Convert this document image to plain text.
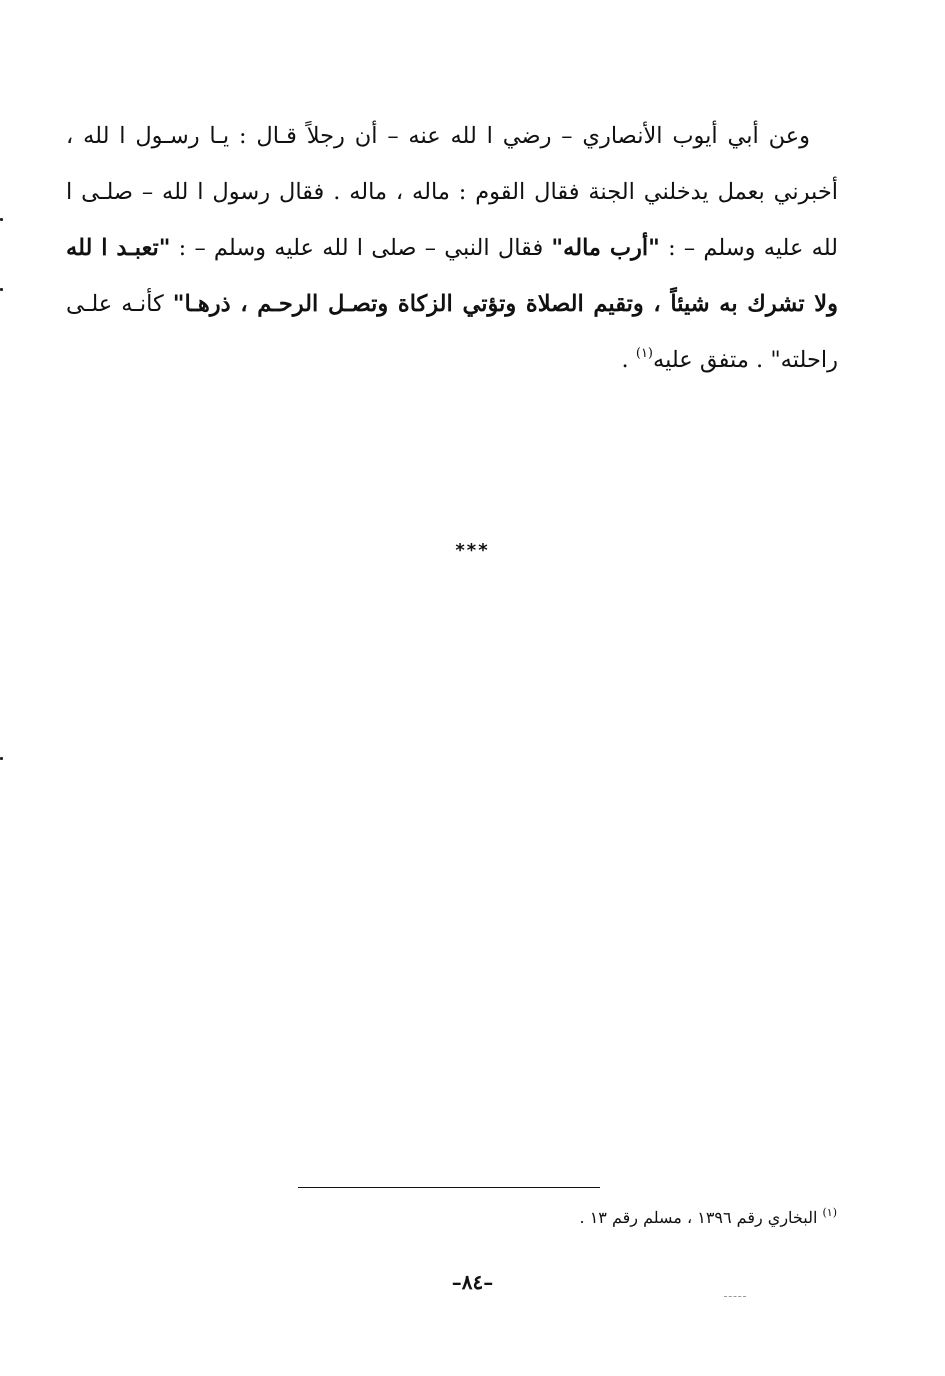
وعن أبي أيوب الأنصاري – رضي ا لله عنه – أن رجلاً قـال : يـا رسـول ا لله ، أخبرني بعمل يدخلني الجنة فقال القوم : ماله ، ماله . فقال رسول ا لله – صلـى ا لله عليه وسلم – : "أرب ماله" فقال النبي – صلى ا لله عليه وسلم – : "تعبـد ا لله ولا تشرك به شيئاً ، وتقيم الصلاة وتؤتي الزكاة وتصـل الرحـم ، ذرهـا" كأنـه علـى راحلته" . متفق عليه$^{(١)}$ .
***
$^{(١)}$ البخاري رقم ١٣٩٦ ، مسلم رقم ١٣ .
–٨٤–
